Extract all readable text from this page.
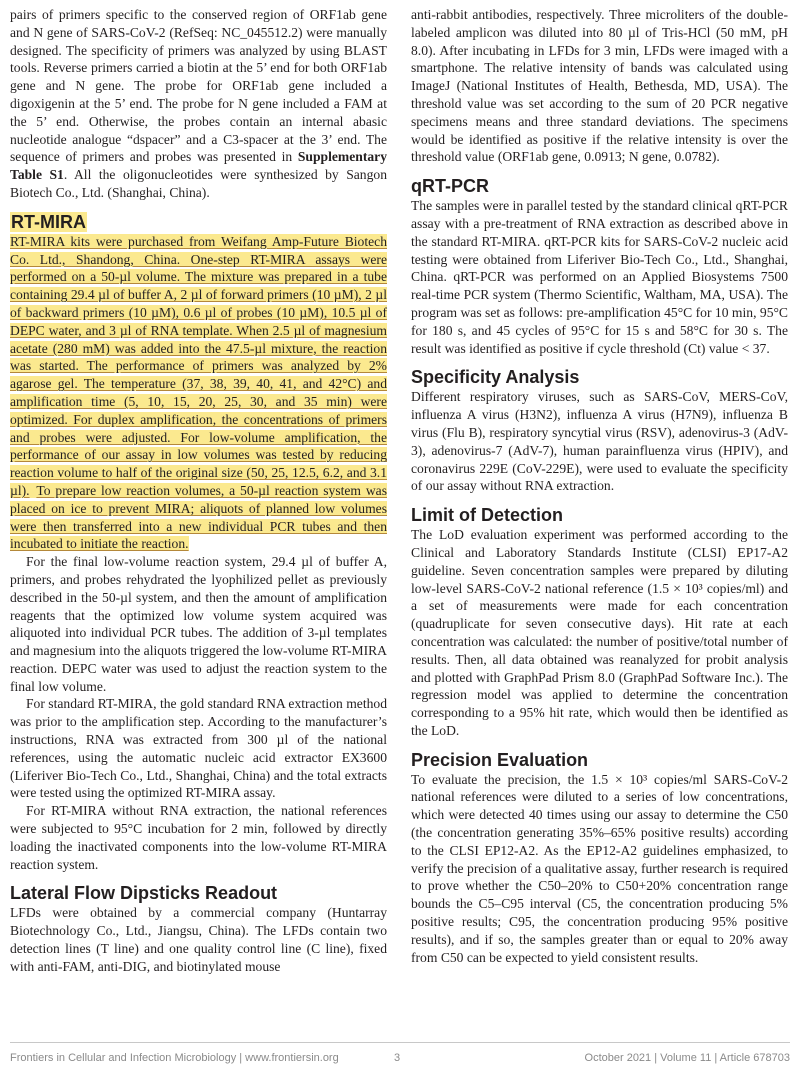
pairs of primers specific to the conserved region of ORF1ab gene and N gene of SARS-CoV-2 (RefSeq: NC_045512.2) were manually designed. The specificity of primers was analyzed by using BLAST tools. Reverse primers carried a biotin at the 5’ end for both ORF1ab gene and N gene. The probe for ORF1ab gene included a digoxigenin at the 5’ end. The probe for N gene included a FAM at the 5’ end. Otherwise, the probes contain an internal abasic nucleotide analogue “dspacer” and a C3-spacer at the 3’ end. The sequence of primers and probes was presented in Supplementary Table S1. All the oligonucleotides were synthesized by Sangon Biotech Co., Ltd. (Shanghai, China).

RT-MIRA

RT-MIRA kits were purchased from Weifang Amp-Future Biotech Co. Ltd., Shandong, China. One-step RT-MIRA assays were performed on a 50-µl volume. The mixture was prepared in a tube containing 29.4 µl of buffer A, 2 µl of forward primers (10 µM), 2 µl of backward primers (10 µM), 0.6 µl of probes (10 µM), 10.5 µl of DEPC water, and 3 µl of RNA template. When 2.5 µl of magnesium acetate (280 mM) was added into the 47.5-µl mixture, the reaction was started. The performance of primers was analyzed by 2% agarose gel. The temperature (37, 38, 39, 40, 41, and 42°C) and amplification time (5, 10, 15, 20, 25, 30, and 35 min) were optimized. For duplex amplification, the concentrations of primers and probes were adjusted. For low-volume amplification, the performance of our assay in low volumes was tested by reducing reaction volume to half of the original size (50, 25, 12.5, 6.2, and 3.1 µl). To prepare low reaction volumes, a 50-µl reaction system was placed on ice to prevent MIRA; aliquots of planned low volumes were then transferred into a new individual PCR tubes and then incubated to initiate the reaction.

For the final low-volume reaction system, 29.4 µl of buffer A, primers, and probes rehydrated the lyophilized pellet as previously described in the 50-µl system, and then the amount of amplification reagents that the optimized low volume system acquired was aliquoted into individual PCR tubes. The addition of 3-µl templates and magnesium into the aliquots triggered the low-volume RT-MIRA reaction. DEPC water was used to adjust the reaction system to the final low volume.

For standard RT-MIRA, the gold standard RNA extraction method was prior to the amplification step. According to the manufacturer’s instructions, RNA was extracted from 300 µl of the national references, using the automatic nucleic acid extractor EX3600 (Liferiver Bio-Tech Co., Ltd., Shanghai, China) and the total extracts were tested using the optimized RT-MIRA assay.

For RT-MIRA without RNA extraction, the national references were subjected to 95°C incubation for 2 min, followed by directly loading the inactivated components into the low-volume RT-MIRA reaction system.

Lateral Flow Dipsticks Readout

LFDs were obtained by a commercial company (Huntarray Biotechnology Co., Ltd., Jiangsu, China). The LFDs contain two detection lines (T line) and one quality control line (C line), fixed with anti-FAM, anti-DIG, and biotinylated mouse

anti-rabbit antibodies, respectively. Three microliters of the double-labeled amplicon was diluted into 80 µl of Tris-HCl (50 mM, pH 8.0). After incubating in LFDs for 3 min, LFDs were imaged with a smartphone. The relative intensity of bands was calculated using ImageJ (National Institutes of Health, Bethesda, MD, USA). The threshold value was set according to the sum of 20 PCR negative specimens means and three standard deviations. The specimens would be identified as positive if the relative intensity is over the threshold value (ORF1ab gene, 0.0913; N gene, 0.0782).

qRT-PCR

The samples were in parallel tested by the standard clinical qRT-PCR assay with a pre-treatment of RNA extraction as described above in the standard RT-MIRA. qRT-PCR kits for SARS-CoV-2 nucleic acid testing were obtained from Liferiver Bio-Tech Co., Ltd., Shanghai, China. qRT-PCR was performed on an Applied Biosystems 7500 real-time PCR system (Thermo Scientific, Waltham, MA, USA). The program was set as follows: pre-amplification 45°C for 10 min, 95°C for 180 s, and 45 cycles of 95°C for 15 s and 58°C for 30 s. The result was identified as positive if cycle threshold (Ct) value < 37.

Specificity Analysis

Different respiratory viruses, such as SARS-CoV, MERS-CoV, influenza A virus (H3N2), influenza A virus (H7N9), influenza B virus (Flu B), respiratory syncytial virus (RSV), adenovirus-3 (AdV-3), adenovirus-7 (AdV-7), human parainfluenza virus (HPIV), and coronavirus 229E (CoV-229E), were used to evaluate the specificity of our assay without RNA extraction.

Limit of Detection

The LoD evaluation experiment was performed according to the Clinical and Laboratory Standards Institute (CLSI) EP17-A2 guideline. Seven concentration samples were prepared by diluting low-level SARS-CoV-2 national reference (1.5 × 10³ copies/ml) and a set of measurements were made for each concentration (quadruplicate for seven consecutive days). Hit rate at each concentration was calculated: the number of positive/total number of results. Then, all data obtained was reanalyzed for probit analysis and plotted with GraphPad Prism 8.0 (GraphPad Software Inc.). The regression model was applied to determine the concentration corresponding to a 95% hit rate, which would then be identified as the LoD.

Precision Evaluation

To evaluate the precision, the 1.5 × 10³ copies/ml SARS-CoV-2 national references were diluted to a series of low concentrations, which were detected 40 times using our assay to determine the C50 (the concentration generating 35%–65% positive results) according to the CLSI EP12-A2. As the EP12-A2 guidelines emphasized, to verify the precision of a qualitative assay, further research is required to prove whether the C50–20% to C50+20% concentration range bounds the C5–C95 interval (C5, the concentration producing 5% positive results; C95, the concentration producing 95% positive results), and if so, the samples greater than or equal to 20% away from C50 can be expected to yield consistent results.

Frontiers in Cellular and Infection Microbiology | www.frontiersin.org	3	October 2021 | Volume 11 | Article 678703
